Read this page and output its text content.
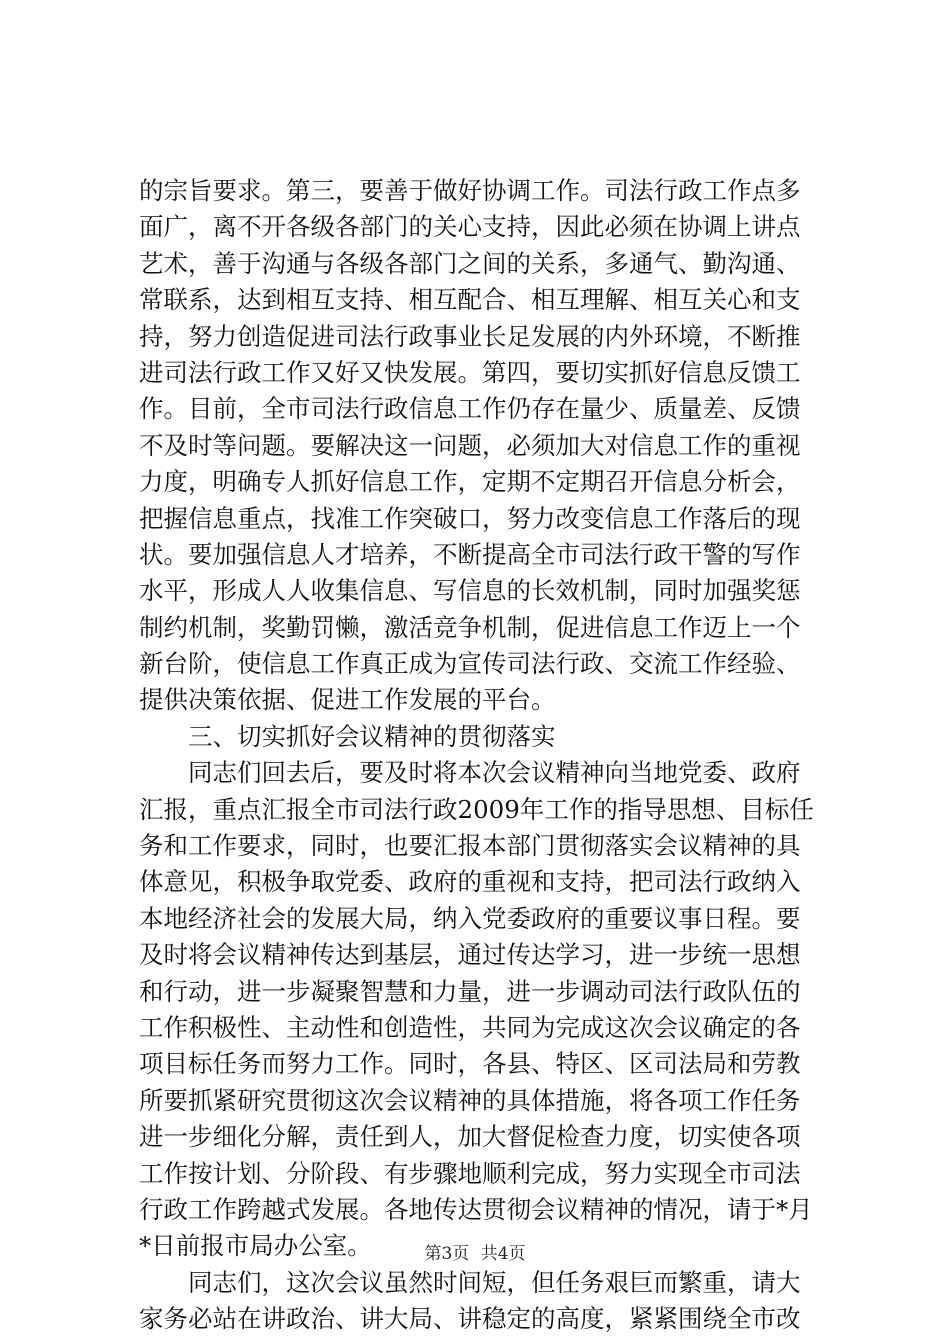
的宗旨要求。第三，要善于做好协调工作。司法行政工作点多
面广，离不开各级各部门的关心支持，因此必须在协调上讲点
艺术，善于沟通与各级各部门之间的关系，多通气、勤沟通、
常联系，达到相互支持、相互配合、相互理解、相互关心和支
持，努力创造促进司法行政事业长足发展的内外环境，不断推
进司法行政工作又好又快发展。第四，要切实抓好信息反馈工
作。目前，全市司法行政信息工作仍存在量少、质量差、反馈
不及时等问题。要解决这一问题，必须加大对信息工作的重视
力度，明确专人抓好信息工作，定期不定期召开信息分析会，
把握信息重点，找准工作突破口，努力改变信息工作落后的现
状。要加强信息人才培养，不断提高全市司法行政干警的写作
水平，形成人人收集信息、写信息的长效机制，同时加强奖惩
制约机制，奖勤罚懒，激活竞争机制，促进信息工作迈上一个
新台阶，使信息工作真正成为宣传司法行政、交流工作经验、
提供决策依据、促进工作发展的平台。
三、切实抓好会议精神的贯彻落实
同志们回去后，要及时将本次会议精神向当地党委、政府
汇报，重点汇报全市司法行政2009年工作的指导思想、目标任
务和工作要求，同时，也要汇报本部门贯彻落实会议精神的具
体意见，积极争取党委、政府的重视和支持，把司法行政纳入
本地经济社会的发展大局，纳入党委政府的重要议事日程。要
及时将会议精神传达到基层，通过传达学习，进一步统一思想
和行动，进一步凝聚智慧和力量，进一步调动司法行政队伍的
工作积极性、主动性和创造性，共同为完成这次会议确定的各
项目标任务而努力工作。同时，各县、特区、区司法局和劳教
所要抓紧研究贯彻这次会议精神的具体措施，将各项工作任务
进一步细化分解，责任到人，加大督促检查力度，切实使各项
工作按计划、分阶段、有步骤地顺利完成，努力实现全市司法
行政工作跨越式发展。各地传达贯彻会议精神的情况，请于*月
*日前报市局办公室。
同志们，这次会议虽然时间短，但任务艰巨而繁重，请大
家务必站在讲政治、讲大局、讲稳定的高度，紧紧围绕全市改
第3页 共4页
